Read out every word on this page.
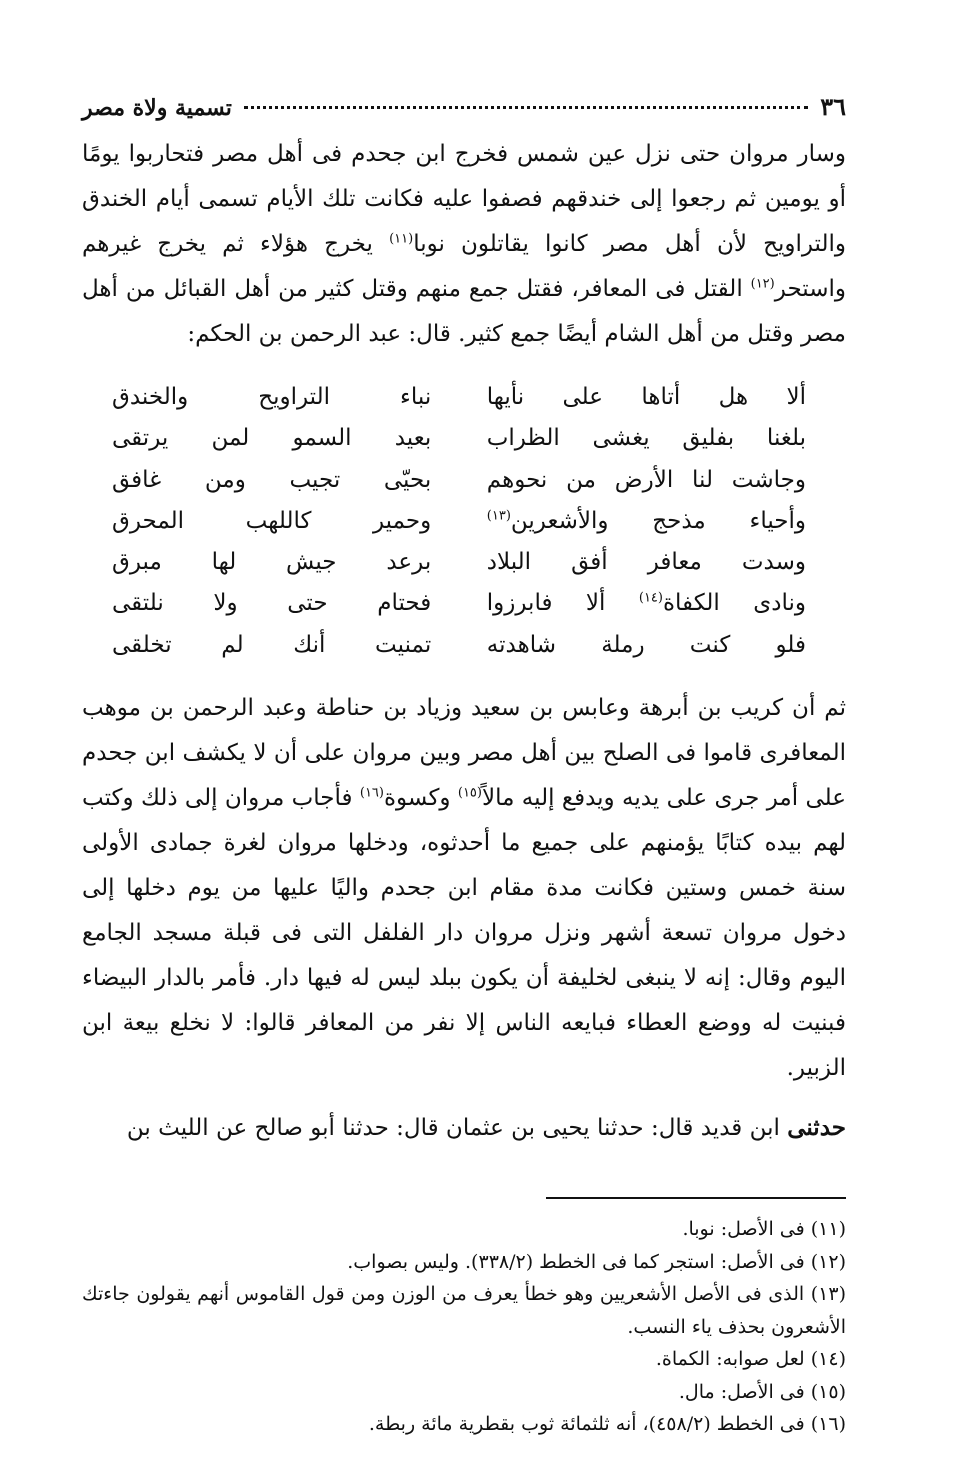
٣٦
تسمية ولاة مصر

وسار مروان حتى نزل عين شمس فخرج ابن جحدم فى أهل مصر فتحاربوا يومًا أو يومين ثم رجعوا إلى خندقهم فصفوا عليه فكانت تلك الأيام تسمى أيام الخندق والتراويح لأن أهل مصر كانوا يقاتلون نوبا$^{(١١)}$ يخرج هؤلاء ثم يخرج غيرهم واستحر$^{(١٢)}$ القتل فى المعافر، فقتل جمع منهم وقتل كثير من أهل القبائل من أهل مصر وقتل من أهل الشام أيضًا جمع كثير. قال: عبد الرحمن بن الحكم:

ألا هل أتاها على نأيها
نباء التراويح والخندق
بلغنا بفليق يغشى الظراب
بعيد السمو لمن يرتقى
وجاشت لنا الأرض من نحوهم
بحيّى تجيب ومن غافق
وأحياء مذحج والأشعرين$^{(١٣)}$
وحمير كاللهب المحرق
وسدت معافر أفق البلاد
برعد جيش لها مبرق
ونادى الكفاة$^{(١٤)}$ ألا فابرزوا
فحتام حتى ولا نلتقى
فلو كنت رملة شاهدته
تمنيت أنك لم تخلقى

ثم أن كريب بن أبرهة وعابس بن سعيد وزياد بن حناطة وعبد الرحمن بن موهب المعافرى قاموا فى الصلح بين أهل مصر وبين مروان على أن لا يكشف ابن جحدم على أمر جرى على يديه ويدفع إليه مالاً$^{(١٥)}$ وكسوة$^{(١٦)}$ فأجاب مروان إلى ذلك وكتب لهم بيده كتابًا يؤمنهم على جميع ما أحدثوه، ودخلها مروان لغرة جمادى الأولى سنة خمس وستين فكانت مدة مقام ابن جحدم واليًا عليها من يوم دخلها إلى دخول مروان تسعة أشهر ونزل مروان دار الفلفل التى فى قبلة مسجد الجامع اليوم وقال: إنه لا ينبغى لخليفة أن يكون ببلد ليس له فيها دار. فأمر بالدار البيضاء فبنيت له ووضع العطاء فبايعه الناس إلا نفر من المعافر قالوا: لا نخلع بيعة ابن الزبير.

حدثنى ابن قديد قال: حدثنا يحيى بن عثمان قال: حدثنا أبو صالح عن الليث بن

(١١) فى الأصل: نوبا.

(١٢) فى الأصل: استجر كما فى الخطط (٣٣٨/٢). وليس بصواب.

(١٣) الذى فى الأصل الأشعريين وهو خطأ يعرف من الوزن ومن قول القاموس أنهم يقولون جاءتك الأشعرون بحذف ياء النسب.

(١٤) لعل صوابه: الكماة.

(١٥) فى الأصل: مال.

(١٦) فى الخطط (٤٥٨/٢)، أنه ثلثمائة ثوب بقطرية مائة ربطة.
